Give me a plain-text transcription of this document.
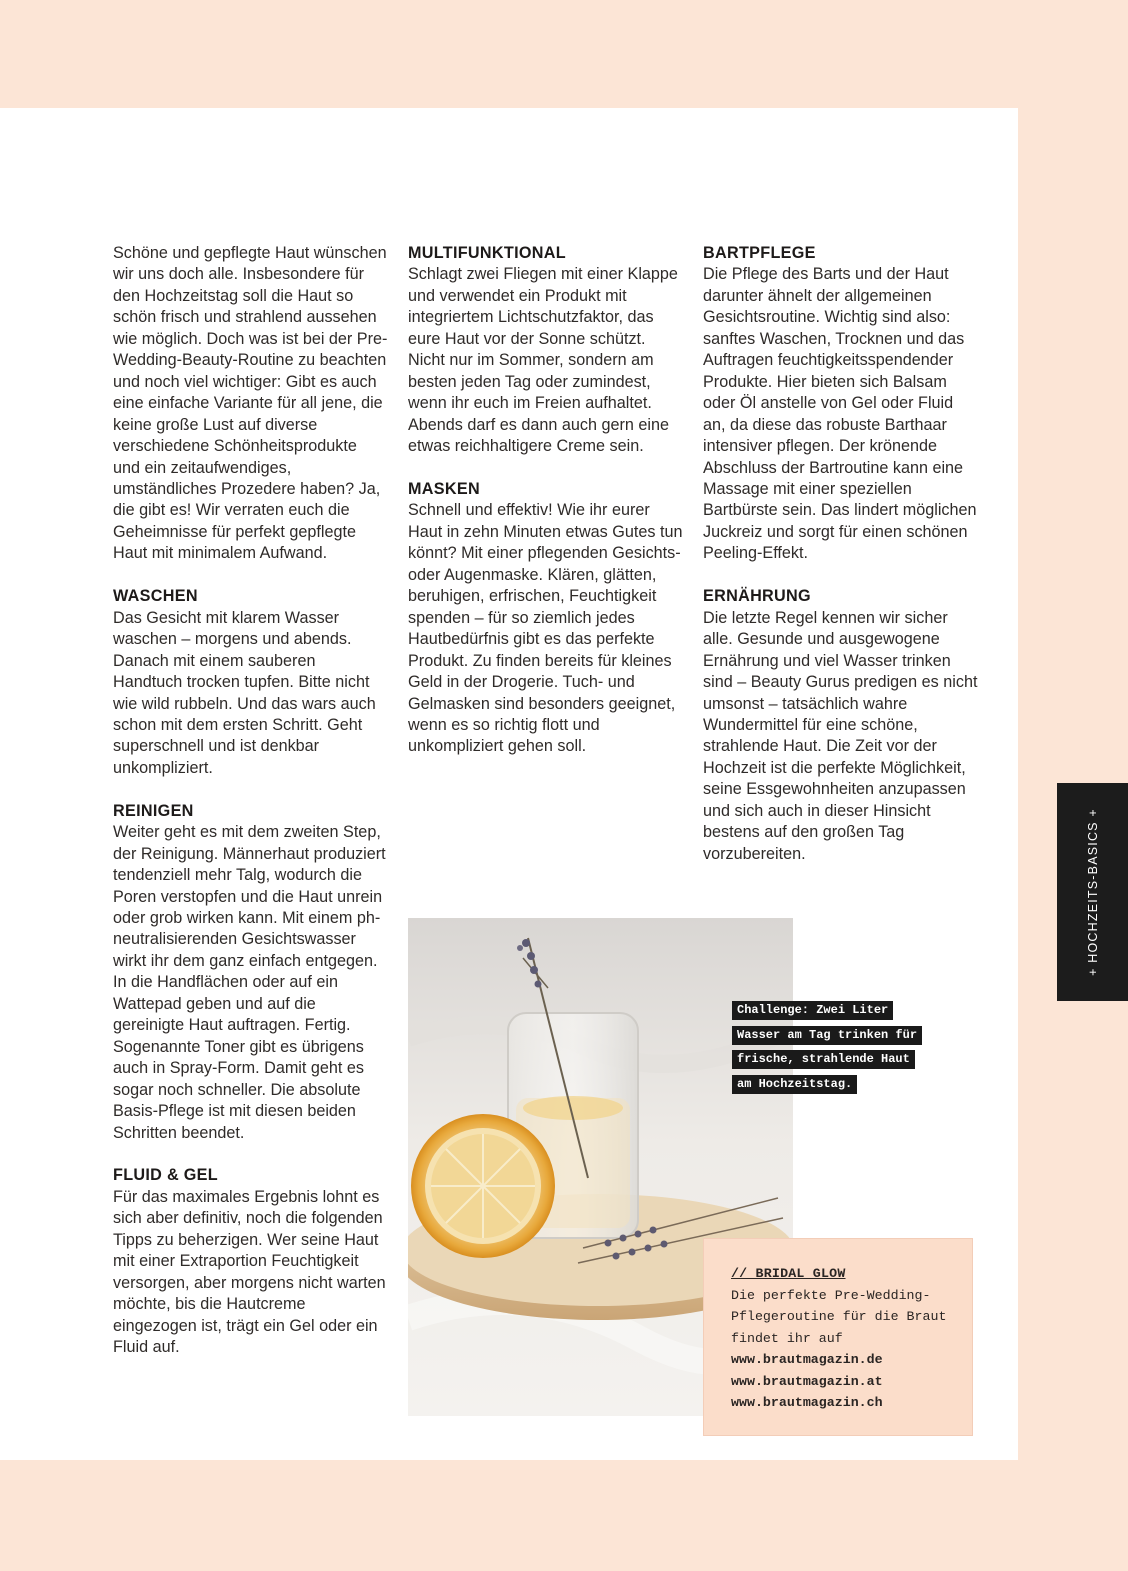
Schöne und gepflegte Haut wünschen wir uns doch alle. Insbesondere für den Hochzeitstag soll die Haut so schön frisch und strahlend aussehen wie möglich. Doch was ist bei der Pre-Wedding-Beauty-Routine zu beachten und noch viel wichtiger: Gibt es auch eine einfache Variante für all jene, die keine große Lust auf diverse verschiedene Schönheitsprodukte und ein zeitaufwendiges, umständliches Prozedere haben? Ja, die gibt es! Wir verraten euch die Geheimnisse für perfekt gepflegte Haut mit minimalem Aufwand.

WASCHEN

Das Gesicht mit klarem Wasser waschen – morgens und abends. Danach mit einem sauberen Handtuch trocken tupfen. Bitte nicht wie wild rubbeln. Und das wars auch schon mit dem ersten Schritt. Geht superschnell und ist denkbar unkompliziert.

REINIGEN

Weiter geht es mit dem zweiten Step, der Reinigung. Männerhaut produziert tendenziell mehr Talg, wodurch die Poren verstopfen und die Haut unrein oder grob wirken kann. Mit einem ph-neutralisierenden Gesichtswasser wirkt ihr dem ganz einfach entgegen. In die Handflächen oder auf ein Wattepad geben und auf die gereinigte Haut auftragen. Fertig. Sogenannte Toner gibt es übrigens auch in Spray-Form. Damit geht es sogar noch schneller. Die absolute Basis-Pflege ist mit diesen beiden Schritten beendet.

FLUID & GEL

Für das maximales Ergebnis lohnt es sich aber definitiv, noch die folgenden Tipps zu beherzigen. Wer seine Haut mit einer Extraportion Feuchtigkeit versorgen, aber morgens nicht warten möchte, bis die Hautcreme eingezogen ist, trägt ein Gel oder ein Fluid auf.

MULTIFUNKTIONAL

Schlagt zwei Fliegen mit einer Klappe und verwendet ein Produkt mit integriertem Lichtschutzfaktor, das eure Haut vor der Sonne schützt. Nicht nur im Sommer, sondern am besten jeden Tag oder zumindest, wenn ihr euch im Freien aufhaltet. Abends darf es dann auch gern eine etwas reichhaltigere Creme sein.

MASKEN

Schnell und effektiv! Wie ihr eurer Haut in zehn Minuten etwas Gutes tun könnt? Mit einer pflegenden Gesichts- oder Augenmaske. Klären, glätten, beruhigen, erfrischen, Feuchtigkeit spenden – für so ziemlich jedes Hautbedürfnis gibt es das perfekte Produkt. Zu finden bereits für kleines Geld in der Drogerie. Tuch- und Gelmasken sind besonders geeignet, wenn es so richtig flott und unkompliziert gehen soll.

BARTPFLEGE

Die Pflege des Barts und der Haut darunter ähnelt der allgemeinen Gesichtsroutine. Wichtig sind also: sanftes Waschen, Trocknen und das Auftragen feuchtigkeitsspendender Produkte. Hier bieten sich Balsam oder Öl anstelle von Gel oder Fluid an, da diese das robuste Barthaar intensiver pflegen. Der krönende Abschluss der Bartroutine kann eine Massage mit einer speziellen Bartbürste sein. Das lindert möglichen Juckreiz und sorgt für einen schönen Peeling-Effekt.

ERNÄHRUNG

Die letzte Regel kennen wir sicher alle. Gesunde und ausgewogene Ernährung und viel Wasser trinken sind – Beauty Gurus predigen es nicht umsonst – tatsächlich wahre Wundermittel für eine schöne, strahlende Haut. Die Zeit vor der Hochzeit ist die perfekte Möglichkeit, seine Essgewohnheiten anzupassen und sich auch in dieser Hinsicht bestens auf den großen Tag vorzubereiten.

Challenge: Zwei Liter
Wasser am Tag trinken für
frische, strahlende Haut
am Hochzeitstag.
// BRIDAL GLOW
Die perfekte Pre-Wedding-
Pflegeroutine für die Braut
findet ihr auf
www.brautmagazin.de
www.brautmagazin.at
www.brautmagazin.ch
+ HOCHZEITS-BASICS +
